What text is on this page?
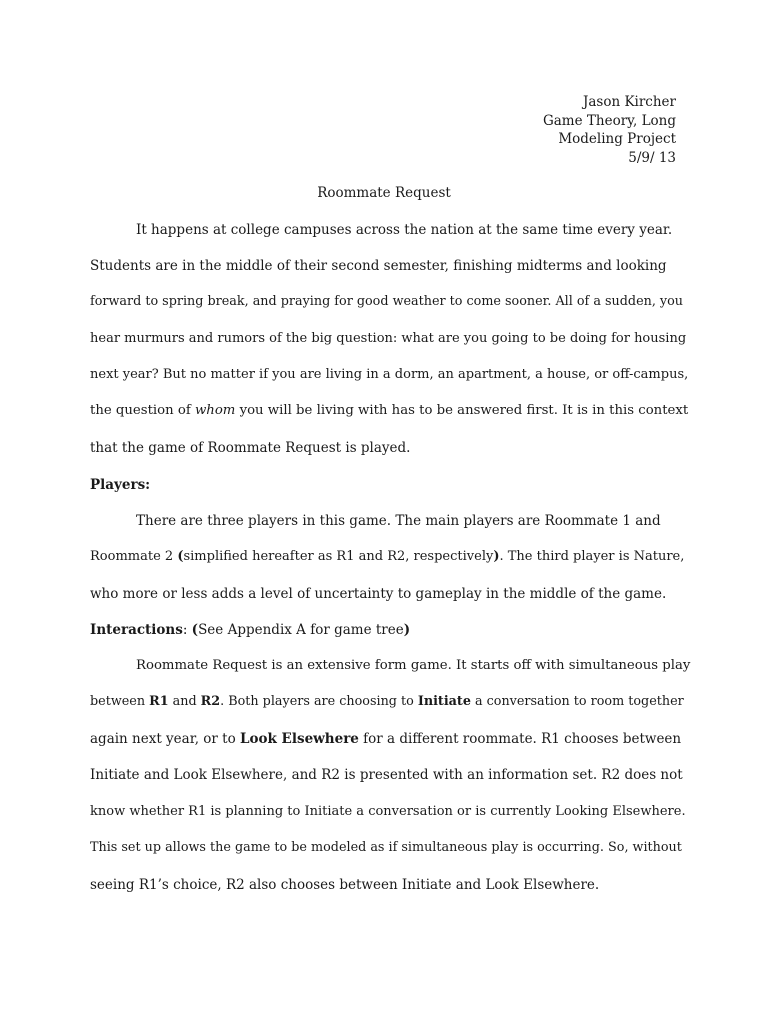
Jason Kircher
Game Theory, Long
Modeling Project
5/9/ 13
Roommate Request
It happens at college campuses across the nation at the same time every year.
Students are in the middle of their second semester, finishing midterms and looking
forward to spring break, and praying for good weather to come sooner. All of a sudden, you
hear murmurs and rumors of the big question: what are you going to be doing for housing
next year? But no matter if you are living in a dorm, an apartment, a house, or off-campus,
the question of whom you will be living with has to be answered first. It is in this context
that the game of Roommate Request is played.
Players:
There are three players in this game. The main players are Roommate 1 and
Roommate 2 (simplified hereafter as R1 and R2, respectively). The third player is Nature,
who more or less adds a level of uncertainty to gameplay in the middle of the game.
Interactions: (See Appendix A for game tree)
Roommate Request is an extensive form game. It starts off with simultaneous play
between R1 and R2. Both players are choosing to Initiate a conversation to room together
again next year, or to Look Elsewhere for a different roommate. R1 chooses between
Initiate and Look Elsewhere, and R2 is presented with an information set. R2 does not
know whether R1 is planning to Initiate a conversation or is currently Looking Elsewhere.
This set up allows the game to be modeled as if simultaneous play is occurring. So, without
seeing R1’s choice, R2 also chooses between Initiate and Look Elsewhere.
